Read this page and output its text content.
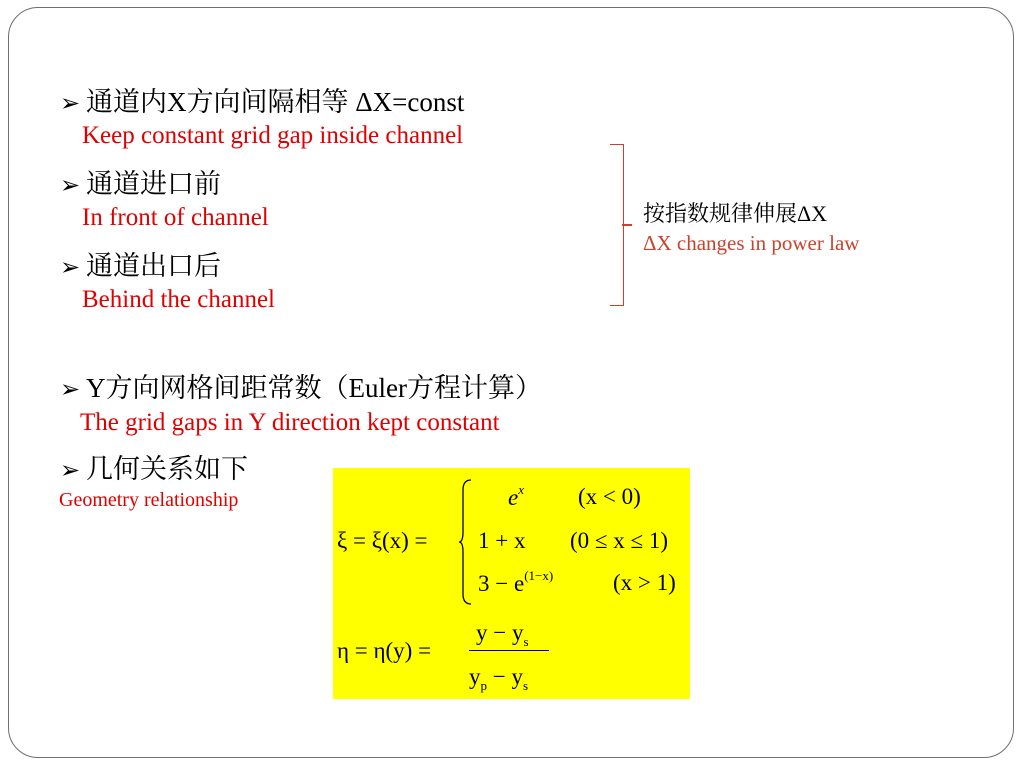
➢ 通道内X方向间隔相等 ΔX=const
Keep constant grid gap inside channel
➢ 通道进口前
In front of channel
➢ 通道出口后
Behind the channel
按指数规律伸展ΔX
ΔX changes in power law
➢ Y方向网格间距常数（Euler方程计算）
The grid gaps in Y direction kept constant
➢ 几何关系如下
Geometry relationship
ξ = ξ(x) =
$e^x$ (x < 0)
1 + x (0 ≤ x ≤ 1)
$3 - e^{(1-x)}$	(x > 1)
η = η(y) =
$y - y_s$
$y_p - y_s$
